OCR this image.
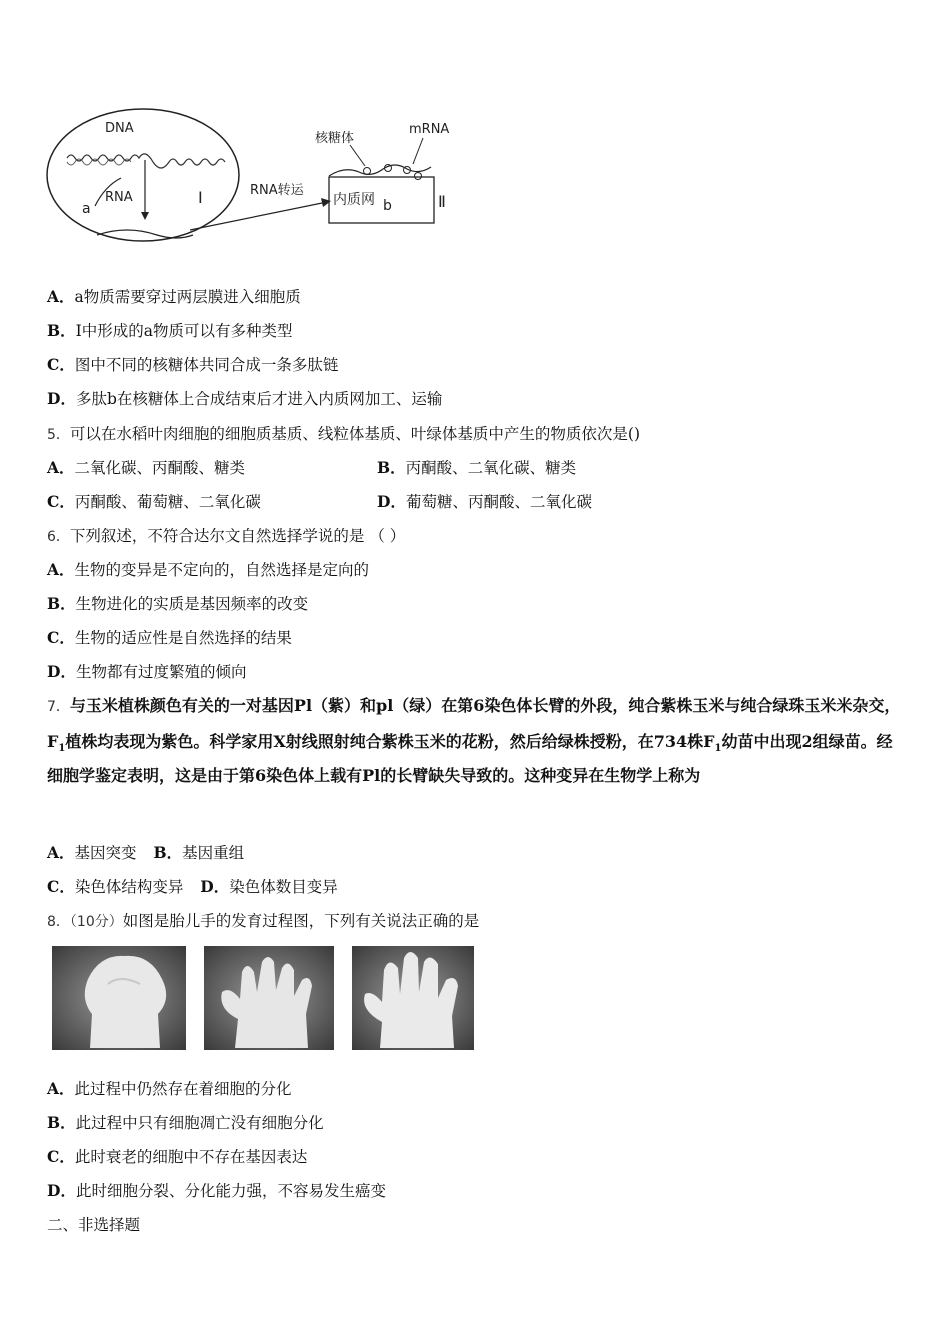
DNA
RNA
a
Ⅰ	RNA转运
核糖体
mRNA
内质网 b	Ⅱ
A．a物质需要穿过两层膜进入细胞质
B．Ⅰ中形成的a物质可以有多种类型
C．图中不同的核糖体共同合成一条多肽链
D．多肽b在核糖体上合成结束后才进入内质网加工、运输
5．可以在水稻叶肉细胞的细胞质基质、线粒体基质、叶绿体基质中产生的物质依次是()
A．二氧化碳、丙酮酸、糖类	B．丙酮酸、二氧化碳、糖类
C．丙酮酸、葡萄糖、二氧化碳	D．葡萄糖、丙酮酸、二氧化碳
6．下列叙述，不符合达尔文自然选择学说的是 （ ）
A．生物的变异是不定向的，自然选择是定向的
B．生物进化的实质是基因频率的改变
C．生物的适应性是自然选择的结果
D．生物都有过度繁殖的倾向
7．与玉米植株颜色有关的一对基因Pl（紫）和pl（绿）在第6染色体长臂的外段，纯合紫株玉米与纯合绿珠玉米米杂交，$F_1$植株均表现为紫色。科学家用X射线照射纯合紫株玉米的花粉，然后给绿株授粉，在734株$F_1$幼苗中出现2组绿苗。经细胞学鉴定表明，这是由于第6染色体上载有Pl的长臂缺失导致的。这种变异在生物学上称为
A．基因突变 B．基因重组
C．染色体结构变异 D．染色体数目变异
8．（10分）如图是胎儿手的发育过程图，下列有关说法正确的是
A．此过程中仍然存在着细胞的分化
B．此过程中只有细胞凋亡没有细胞分化
C．此时衰老的细胞中不存在基因表达
D．此时细胞分裂、分化能力强，不容易发生癌变
二、非选择题
